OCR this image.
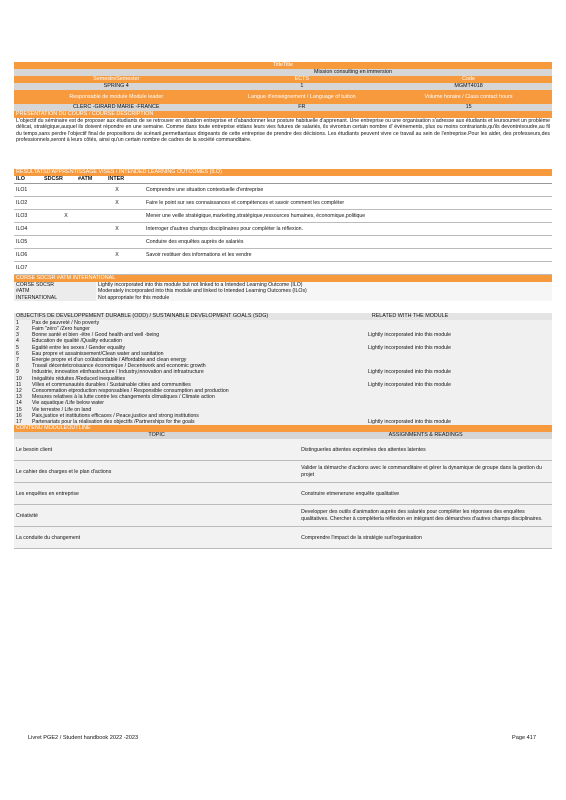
TitleTitle
Mission consulting en immersion
SemestreSemester	ECTS	Code
SPRING 4	1	MGMT4018
Responsable de module Module leader	Langue d'enseignement / Language of tuition	Volume horaire / Class contact hours
CLERC -GIRARD MARIE -FRANCE	FR	15
PRESENTATION DU COURS / COURSE DESCRIPTION
L'objectif du séminaire est de proposer aux étudiants de se retrouver en situation entreprise et d'abandonner leur posture habituelle d'apprenant. Une entreprise ou une organisation s'adresse aux étudiants et leursoumet un problème délicat, stratégique,auquel ils doivent répondre en une semaine. Comme dans toute entreprise etdans leurs vies futures de salariés, ils vivrontun certain nombre d' évènements, plus ou moins contrariants,qu'ils devontrésoudre,au fil du temps,sans perdre l'objectif final de propositions de scénarii,permettantaux dirigeants de cette entreprise de prendre des décisions. Les étudiants peuvent vivre ce travail au sein de l'entreprise.Pour les aider, des professeurs,des professionnels,seront à leurs côtés, ainsi qu'un certain nombre de cadres de la société commanditaire.
RESULTATSD'APPRENTISSAGE VISES / INTENDED LEARNING OUTCOMES (ILO)
ILO	SDCSR	#ATM	INTER
ILO1		X	Comprendre une situation contextuelle d'entreprise
ILO2		X	Faire le point sur ses connaissances et compétences et savoir comment les compléter
ILO3	X		Mener une veille stratégique,marketing,stratégique,ressources humaines, économique,politique
ILO4		X	Interroger d'autres champs disciplinaires pour compléter la réflexion.
ILO5			Conduire des enquêtes auprès de salariés
ILO6		X	Savoir restituer des informations et les vendre
ILO7			
CORSE SDCSR #ATM INTERNATIONAL
CORSE SDCSR	Lightly incorporated into this module but not linked to a Intended Learning Outcome (ILO)
#ATM	Moderately incorporated into this module and linked to Intended Learning Outcomes (ILOs)
INTERNATIONAL	Not appropriate for this module
OBJECTIFS DE DEVELOPPEMENT DURABLE (ODD) / SUSTAINABLE DEVELOPMENT GOALS (SDG)	RELATED WITH THE MODULE
1	Pas de pauvreté / No poverty	
2	Faim "zéro" /Zero hunger	
3	Bonne santé et bien -être / Good health and well -being	Lightly incorporated into this module
4	Education de qualité /Quality education	
5	Egalité entre les sexes / Gender equality	Lightly incorporated into this module
6	Eau propre et assainissement/Clean water and sanitation	
7	Energie propre et d'un coûtabordable / Affordable and clean energy	
8	Travail décentetcroissance économique / Decentwork and economic growth	
9	Industrie, innovation etinfrastructure / Industry,innovation and infrastructure	Lightly incorporated into this module
10	Inégalités réduites /Reduced inequalities	
11	Villes et communautés durables / Sustainable cities and communities	Lightly incorporated into this module
12	Consommation etproduction responsables / Responsible consumption and production	
13	Mesures relatives à la lutte contre les changements climatiques / Climate action	
14	Vie aquatique /Life below water	
15	Vie terrestre / Life on land	
16	Paix,justice et institutions efficaces / Peace,justice and strong institutions	
17	Partenariats pour la réalisation des objectifs /Partnerships for the goals	Lightly incorporated into this module
CONTENU MODULEOUTLINE
TOPIC	ASSIGNMENTS & READINGS
Le besoin client	Distinguerles attentes exprimées des attentes latentes
Le cahier des charges et le plan d'actions	Valider la démarche d'actions avec le commanditaire et gérer la dynamique de groupe dans la gestion du projet
Les enquêtes en entreprise	Construire etmenerune enquête qualitative
Créativité	Developper des outils d'animation auprès des salariés pour compléter les réponses des enquêtes qualitatives. Chercher à compléterla réflexion en intégrant des démarches d'autres champs disciplinaires.
La conduite du changement	Comprendre l'impact de la stratégie surl'organisation
Livret PGE2 / Student handbook 2022 -2023	Page 417
